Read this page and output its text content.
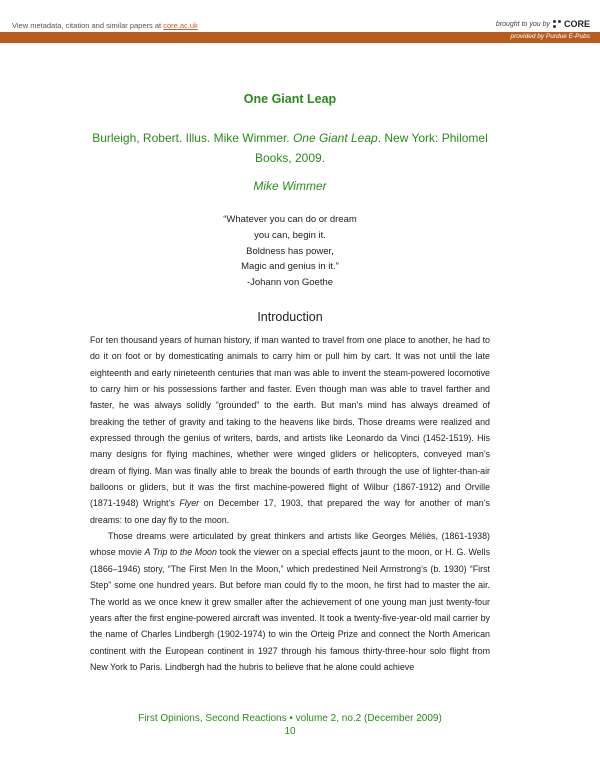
View metadata, citation and similar papers at core.ac.uk	brought to you by CORE
provided by Purdue E-Pubs
One Giant Leap
Burleigh, Robert. Illus. Mike Wimmer. One Giant Leap. New York: Philomel Books, 2009.
Mike Wimmer
“Whatever you can do or dream
you can, begin it.
Boldness has power,
Magic and genius in it.”
-Johann von Goethe
Introduction

For ten thousand years of human history, if man wanted to travel from one place to another, he had to do it on foot or by domesticating animals to carry him or pull him by cart. It was not until the late eighteenth and early nineteenth centuries that man was able to invent the steam-powered locomotive to carry him or his possessions farther and faster. Even though man was able to travel farther and faster, he was always solidly “grounded” to the earth. But man’s mind has always dreamed of breaking the tether of gravity and taking to the heavens like birds. Those dreams were realized and expressed through the genius of writers, bards, and artists like Leonardo da Vinci (1452-1519). His many designs for flying machines, whether were winged gliders or helicopters, conveyed man’s dream of flying. Man was finally able to break the bounds of earth through the use of lighter-than-air balloons or gliders, but it was the first machine-powered flight of Wilbur (1867-1912) and Orville (1871-1948) Wright’s Flyer on December 17, 1903, that prepared the way for another of man’s dreams: to one day fly to the moon.

Those dreams were articulated by great thinkers and artists like Georges Méliès, (1861-1938) whose movie A Trip to the Moon took the viewer on a special effects jaunt to the moon, or H. G. Wells (1866–1946) story, “The First Men In the Moon,” which predestined Neil Armstrong’s (b. 1930) “First Step” some one hundred years. But before man could fly to the moon, he first had to master the air. The world as we once knew it grew smaller after the achievement of one young man just twenty-four years after the first engine-powered aircraft was invented. It took a twenty-five-year-old mail carrier by the name of Charles Lindbergh (1902-1974) to win the Orteig Prize and connect the North American continent with the European continent in 1927 through his famous thirty-three-hour solo flight from New York to Paris. Lindbergh had the hubris to believe that he alone could achieve

First Opinions, Second Reactions • volume 2, no.2 (December 2009)
10
